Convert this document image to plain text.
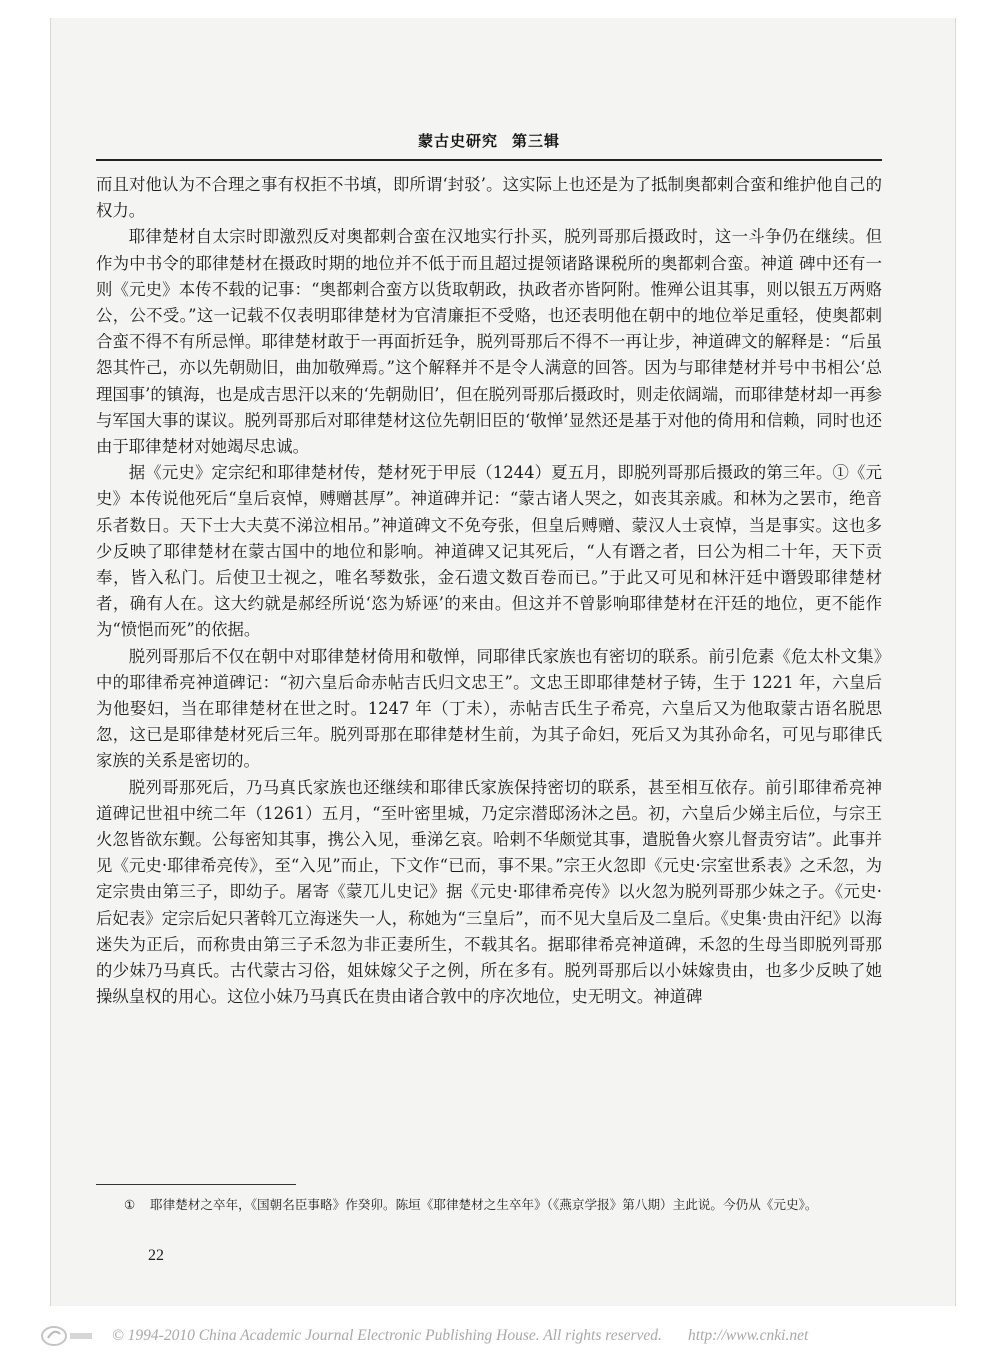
蒙古史研究 第三辑

而且对他认为不合理之事有权拒不书填，即所谓‘封驳’。这实际上也还是为了抵制奥都剌合蛮和维护他自己的权力。

耶律楚材自太宗时即激烈反对奥都剌合蛮在汉地实行扑买，脱列哥那后摄政时，这一斗争仍在继续。但作为中书令的耶律楚材在摄政时期的地位并不低于而且超过提领诸路课税所的奥都剌合蛮。神道 碑中还有一则《元史》本传不载的记事：“奥都剌合蛮方以货取朝政，执政者亦皆阿附。惟殚公诅其事，则以银五万两赂公，公不受。”这一记载不仅表明耶律楚材为官清廉拒不受赂，也还表明他在朝中的地位举足重轻，使奥都剌合蛮不得不有所忌惮。耶律楚材敢于一再面折廷争，脱列哥那后不得不一再让步，神道碑文的解释是：“后虽怨其忤己，亦以先朝勋旧，曲加敬殚焉。”这个解释并不是令人满意的回答。因为与耶律楚材并号中书相公‘总理国事’的镇海，也是成吉思汗以来的‘先朝勋旧’，但在脱列哥那后摄政时，则走依阔端，而耶律楚材却一再参与军国大事的谋议。脱列哥那后对耶律楚材这位先朝旧臣的‘敬惮’显然还是基于对他的倚用和信赖，同时也还由于耶律楚材对她竭尽忠诚。

据《元史》定宗纪和耶律楚材传，楚材死于甲辰（1244）夏五月，即脱列哥那后摄政的第三年。①《元史》本传说他死后“皇后哀悼，赙赠甚厚”。神道碑并记：“蒙古诸人哭之，如丧其亲戚。和林为之罢市，绝音乐者数日。天下士大夫莫不涕泣相吊。”神道碑文不免夸张，但皇后赙赠、蒙汉人士哀悼，当是事实。这也多少反映了耶律楚材在蒙古国中的地位和影响。神道碑又记其死后，“人有谮之者，曰公为相二十年，天下贡奉，皆入私门。后使卫士视之，唯名琴数张，金石遗文数百卷而已。”于此又可见和林汗廷中谮毁耶律楚材者，确有人在。这大约就是郝经所说‘恣为矫诬’的来由。但这并不曾影响耶律楚材在汗廷的地位，更不能作为“愤悒而死”的依据。

脱列哥那后不仅在朝中对耶律楚材倚用和敬惮，同耶律氏家族也有密切的联系。前引危素《危太朴文集》中的耶律希亮神道碑记：“初六皇后命赤帖吉氏归文忠王”。文忠王即耶律楚材子铸，生于 1221 年，六皇后为他娶妇，当在耶律楚材在世之时。1247 年（丁未），赤帖吉氏生子希亮，六皇后又为他取蒙古语名脱思忽，这已是耶律楚材死后三年。脱列哥那在耶律楚材生前，为其子命妇，死后又为其孙命名，可见与耶律氏家族的关系是密切的。

脱列哥那死后，乃马真氏家族也还继续和耶律氏家族保持密切的联系，甚至相互依存。前引耶律希亮神道碑记世祖中统二年（1261）五月，“至叶密里城，乃定宗潜邸汤沐之邑。初，六皇后少娣主后位，与宗王火忽皆欲东觐。公每密知其事，携公入见，垂涕乞哀。哈剌不华颇觉其事，遣脱鲁火察儿督责穷诘”。此事并见《元史·耶律希亮传》，至“入见”而止，下文作“已而，事不果。”宗王火忽即《元史·宗室世系表》之禾忽，为定宗贵由第三子，即幼子。屠寄《蒙兀儿史记》据《元史·耶律希亮传》以火忽为脱列哥那少妹之子。《元史·后妃表》定宗后妃只著斡兀立海迷失一人，称她为“三皇后”，而不见大皇后及二皇后。《史集·贵由汗纪》以海迷失为正后，而称贵由第三子禾忽为非正妻所生，不载其名。据耶律希亮神道碑，禾忽的生母当即脱列哥那的少妹乃马真氏。古代蒙古习俗，姐妹嫁父子之例，所在多有。脱列哥那后以小妹嫁贵由，也多少反映了她操纵皇权的用心。这位小妹乃马真氏在贵由诸合敦中的序次地位，史无明文。神道碑

① 耶律楚材之卒年，《国朝名臣事略》作癸卯。陈垣《耶律楚材之生卒年》（《燕京学报》第八期）主此说。今仍从《元史》。
22
© 1994-2010 China Academic Journal Electronic Publishing House. All rights reserved. http://www.cnki.net
